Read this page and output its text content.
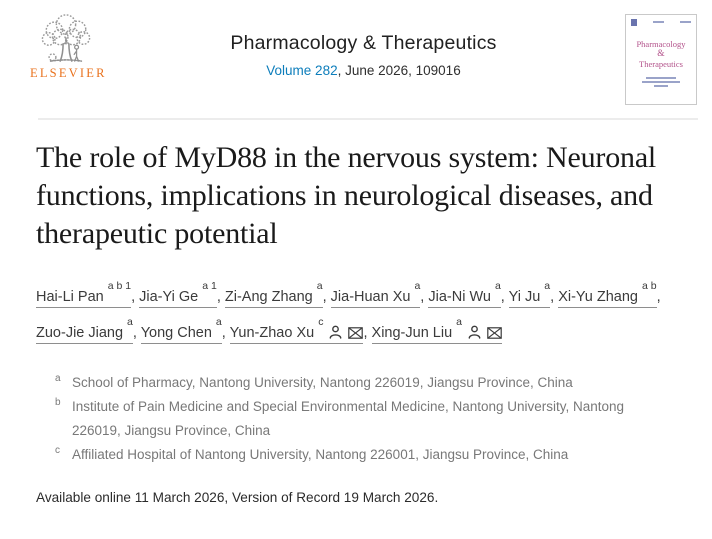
ELSEVIER
Pharmacology & Therapeutics
Volume 282, June 2026, 109016
Pharmacology
&
Therapeutics
The role of MyD88 in the nervous system: Neuronal functions, implications in neurological diseases, and therapeutic potential
Hai-Li Pan$^{a b 1}$, Jia-Yi $Ge^{a 1}$, Zi-Ang Zhang$^a$, Jia-Huan Xu$^a$, Jia-Ni Wu$^a$, Yi Ju$^a$, Xi-Yu Zhang$^{a b}$, Zuo-Jie Jiang$^a$, Yong Chen$^a$, Yun-Zhao Xu$^c$, Xing-Jun Liu$^a$
a School of Pharmacy, Nantong University, Nantong 226019, Jiangsu Province, China
b Institute of Pain Medicine and Special Environmental Medicine, Nantong University, Nantong 226019, Jiangsu Province, China
c Affiliated Hospital of Nantong University, Nantong 226001, Jiangsu Province, China
Available online 11 March 2026, Version of Record 19 March 2026.
